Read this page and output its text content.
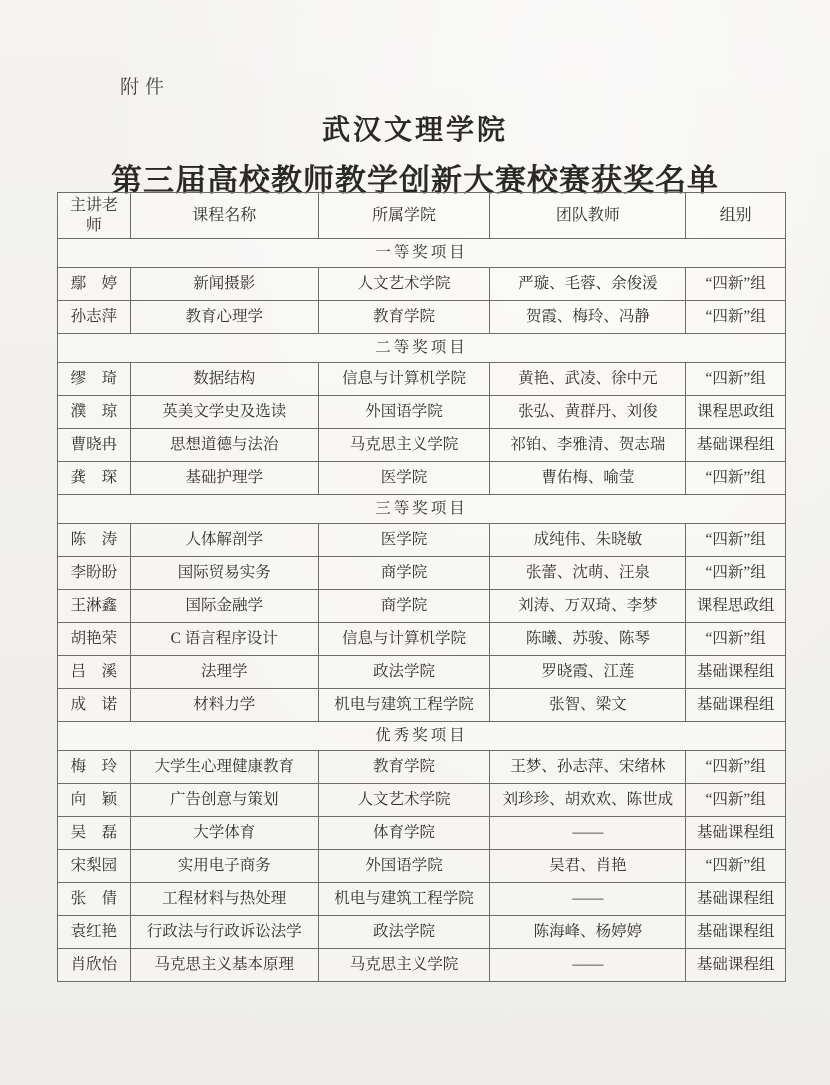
附件
武汉文理学院
第三届高校教师教学创新大赛校赛获奖名单
主讲老师	课程名称	所属学院	团队教师	组别
一等奖项目				
鄢　婷	新闻摄影	人文艺术学院	严璇、毛蓉、余俊湲	“四新”组
孙志萍	教育心理学	教育学院	贺霞、梅玲、冯静	“四新”组
二等奖项目				
缪　琦	数据结构	信息与计算机学院	黄艳、武凌、徐中元	“四新”组
濮　琼	英美文学史及选读	外国语学院	张弘、黄群丹、刘俊	课程思政组
曹晓冉	思想道德与法治	马克思主义学院	祁铂、李雅清、贺志瑞	基础课程组
龚　琛	基础护理学	医学院	曹佑梅、喻莹	“四新”组
三等奖项目				
陈　涛	人体解剖学	医学院	成纯伟、朱晓敏	“四新”组
李盼盼	国际贸易实务	商学院	张蕾、沈萌、汪泉	“四新”组
王淋鑫	国际金融学	商学院	刘涛、万双琦、李梦	课程思政组
胡艳荣	C 语言程序设计	信息与计算机学院	陈曦、苏骏、陈琴	“四新”组
吕　溪	法理学	政法学院	罗晓霞、江莲	基础课程组
成　诺	材料力学	机电与建筑工程学院	张智、梁文	基础课程组
优秀奖项目				
梅　玲	大学生心理健康教育	教育学院	王梦、孙志萍、宋绪林	“四新”组
向　颖	广告创意与策划	人文艺术学院	刘珍珍、胡欢欢、陈世成	“四新”组
吴　磊	大学体育	体育学院	——	基础课程组
宋梨园	实用电子商务	外国语学院	吴君、肖艳	“四新”组
张　倩	工程材料与热处理	机电与建筑工程学院	——	基础课程组
袁红艳	行政法与行政诉讼法学	政法学院	陈海峰、杨婷婷	基础课程组
肖欣怡	马克思主义基本原理	马克思主义学院	——	基础课程组
